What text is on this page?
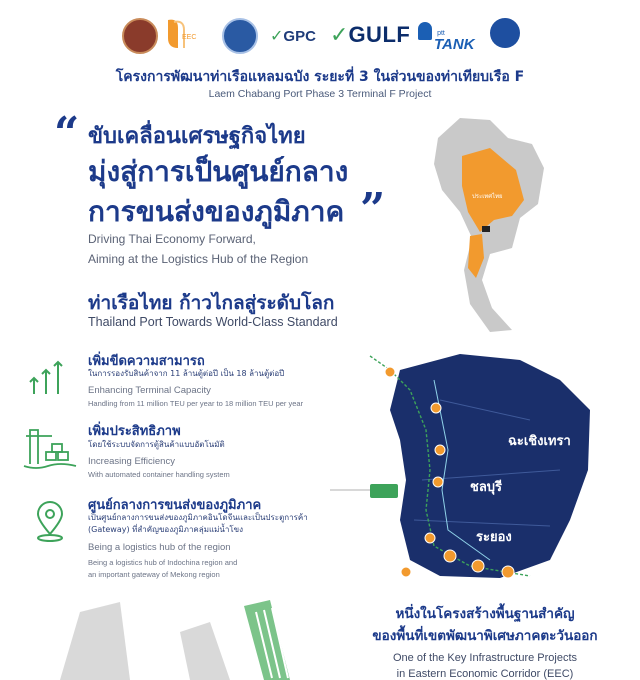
EEC	✓GPC ✓GULF	ptt
TANK
โครงการพัฒนาท่าเรือแหลมฉบัง ระยะที่ 3 ในส่วนของท่าเทียบเรือ F
Laem Chabang Port Phase 3 Terminal F Project
ประเทศไทย
“ ขับเคลื่อนเศรษฐกิจไทย
มุ่งสู่การเป็นศูนย์กลาง
การขนส่งของภูมิภาค ”
Driving Thai Economy Forward,
Aiming at the Logistics Hub of the Region
ท่าเรือไทย ก้าวไกลสู่ระดับโลก
Thailand Port Towards World-Class Standard
เพิ่มขีดความสามารถ
ในการรองรับสินค้าจาก 11 ล้านตู้ต่อปี เป็น 18 ล้านตู้ต่อปี
Enhancing Terminal Capacity
Handling from 11 million TEU per year to 18 million TEU per year
เพิ่มประสิทธิภาพ
โดยใช้ระบบจัดการตู้สินค้าแบบอัตโนมัติ
Increasing Efficiency
With automated container handling system
ศูนย์กลางการขนส่งของภูมิภาค
เป็นศูนย์กลางการขนส่งของภูมิภาคอินโดจีนและเป็นประตูการค้า
(Gateway) ที่สำคัญของภูมิภาคลุ่มแม่น้ำโขง
Being a logistics hub of the region
Being a logistics hub of Indochina region and
an important gateway of Mekong region
ฉะเชิงเทรา
ชลบุรี
ระยอง
หนึ่งในโครงสร้างพื้นฐานสำคัญ
ของพื้นที่เขตพัฒนาพิเศษภาคตะวันออก
One of the Key Infrastructure Projects
in Eastern Economic Corridor (EEC)
